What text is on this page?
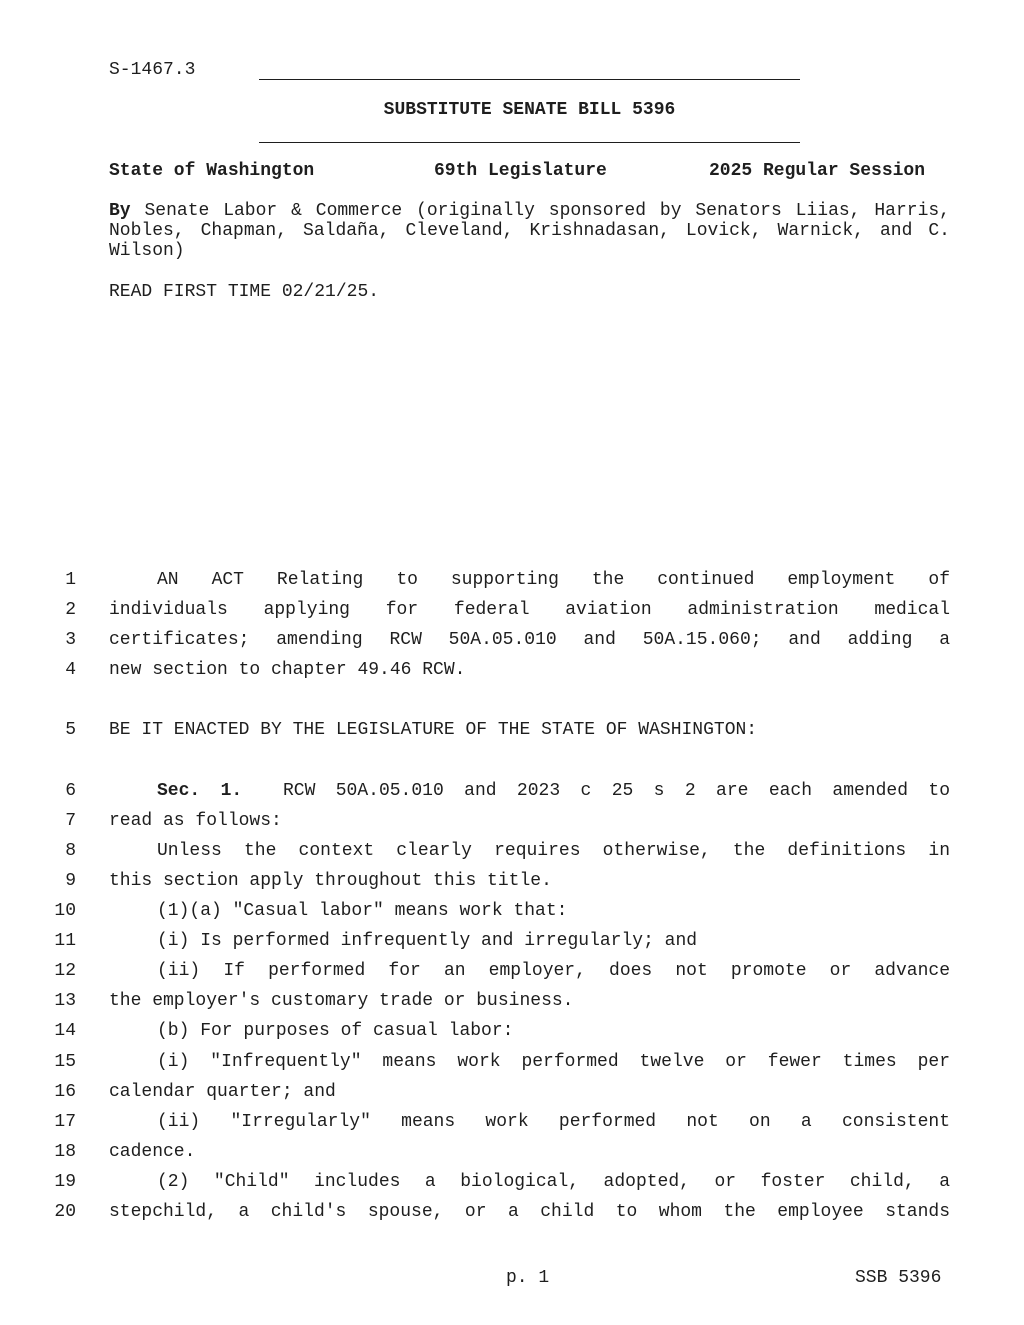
S-1467.3
SUBSTITUTE SENATE BILL 5396
State of Washington	69th Legislature	2025 Regular Session
By Senate Labor & Commerce (originally sponsored by Senators Liias, Harris, Nobles, Chapman, Saldaña, Cleveland, Krishnadasan, Lovick, Warnick, and C. Wilson)
READ FIRST TIME 02/21/25.
1
2
3
4
5
6
7
8
9
10
11
12
13
14
15
16
17
18
19
20
AN ACT Relating to supporting the continued employment of
individuals applying for federal aviation administration medical
certificates; amending RCW 50A.05.010 and 50A.15.060; and adding a
new section to chapter 49.46 RCW.
BE IT ENACTED BY THE LEGISLATURE OF THE STATE OF WASHINGTON:
Sec. 1. RCW 50A.05.010 and 2023 c 25 s 2 are each amended to
read as follows:
Unless the context clearly requires otherwise, the definitions in
this section apply throughout this title.
(1)(a) "Casual labor" means work that:
(i) Is performed infrequently and irregularly; and
(ii) If performed for an employer, does not promote or advance
the employer's customary trade or business.
(b) For purposes of casual labor:
(i) "Infrequently" means work performed twelve or fewer times per
calendar quarter; and
(ii) "Irregularly" means work performed not on a consistent
cadence.
(2) "Child" includes a biological, adopted, or foster child, a
stepchild, a child's spouse, or a child to whom the employee stands
p. 1	SSB 5396
